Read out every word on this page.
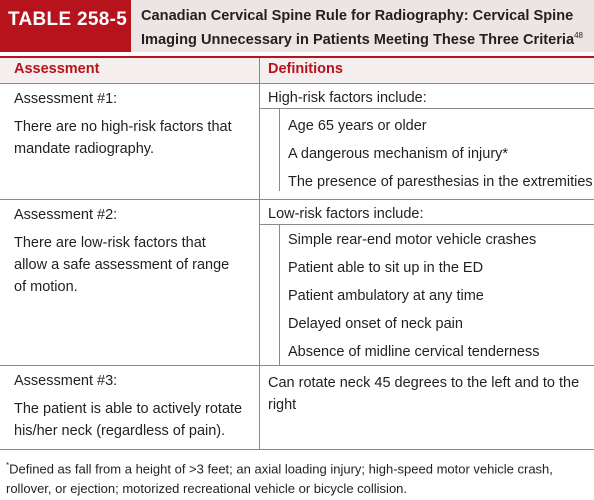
TABLE 258-5 Canadian Cervical Spine Rule for Radiography: Cervical Spine Imaging Unnecessary in Patients Meeting These Three Criteria$^{48}$
Assessment	Definitions
Assessment #1:
There are no high-risk factors that mandate radiography.
High-risk factors include:
Age 65 years or older
A dangerous mechanism of injury*
The presence of paresthesias in the extremities
Assessment #2:
There are low-risk factors that allow a safe assessment of range of motion.
Low-risk factors include:
Simple rear-end motor vehicle crashes
Patient able to sit up in the ED
Patient ambulatory at any time
Delayed onset of neck pain
Absence of midline cervical tenderness
Assessment #3:
The patient is able to actively rotate his/her neck (regardless of pain).
Can rotate neck 45 degrees to the left and to the right
*Defined as fall from a height of >3 feet; an axial loading injury; high-speed motor vehicle crash, rollover, or ejection; motorized recreational vehicle or bicycle collision.
